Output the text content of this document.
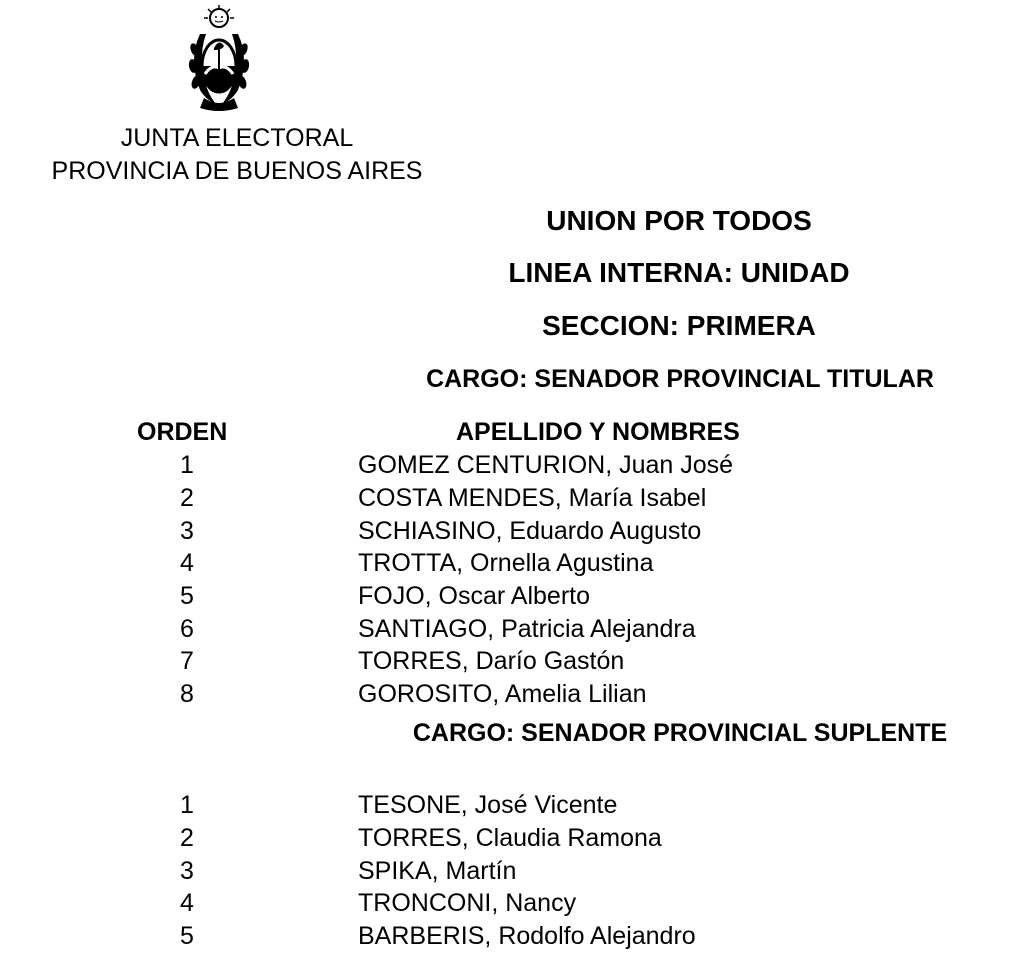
JUNTA ELECTORAL
PROVINCIA DE BUENOS AIRES
UNION POR TODOS
LINEA INTERNA: UNIDAD
SECCION: PRIMERA
CARGO: SENADOR PROVINCIAL TITULAR
ORDEN	APELLIDO Y NOMBRES
1	GOMEZ CENTURION, Juan José
2	COSTA MENDES, María Isabel
3	SCHIASINO, Eduardo Augusto
4	TROTTA, Ornella Agustina
5	FOJO, Oscar Alberto
6	SANTIAGO, Patricia Alejandra
7	TORRES, Darío Gastón
8	GOROSITO, Amelia Lilian
CARGO: SENADOR PROVINCIAL SUPLENTE
1	TESONE, José Vicente
2	TORRES, Claudia Ramona
3	SPIKA, Martín
4	TRONCONI, Nancy
5	BARBERIS, Rodolfo Alejandro
